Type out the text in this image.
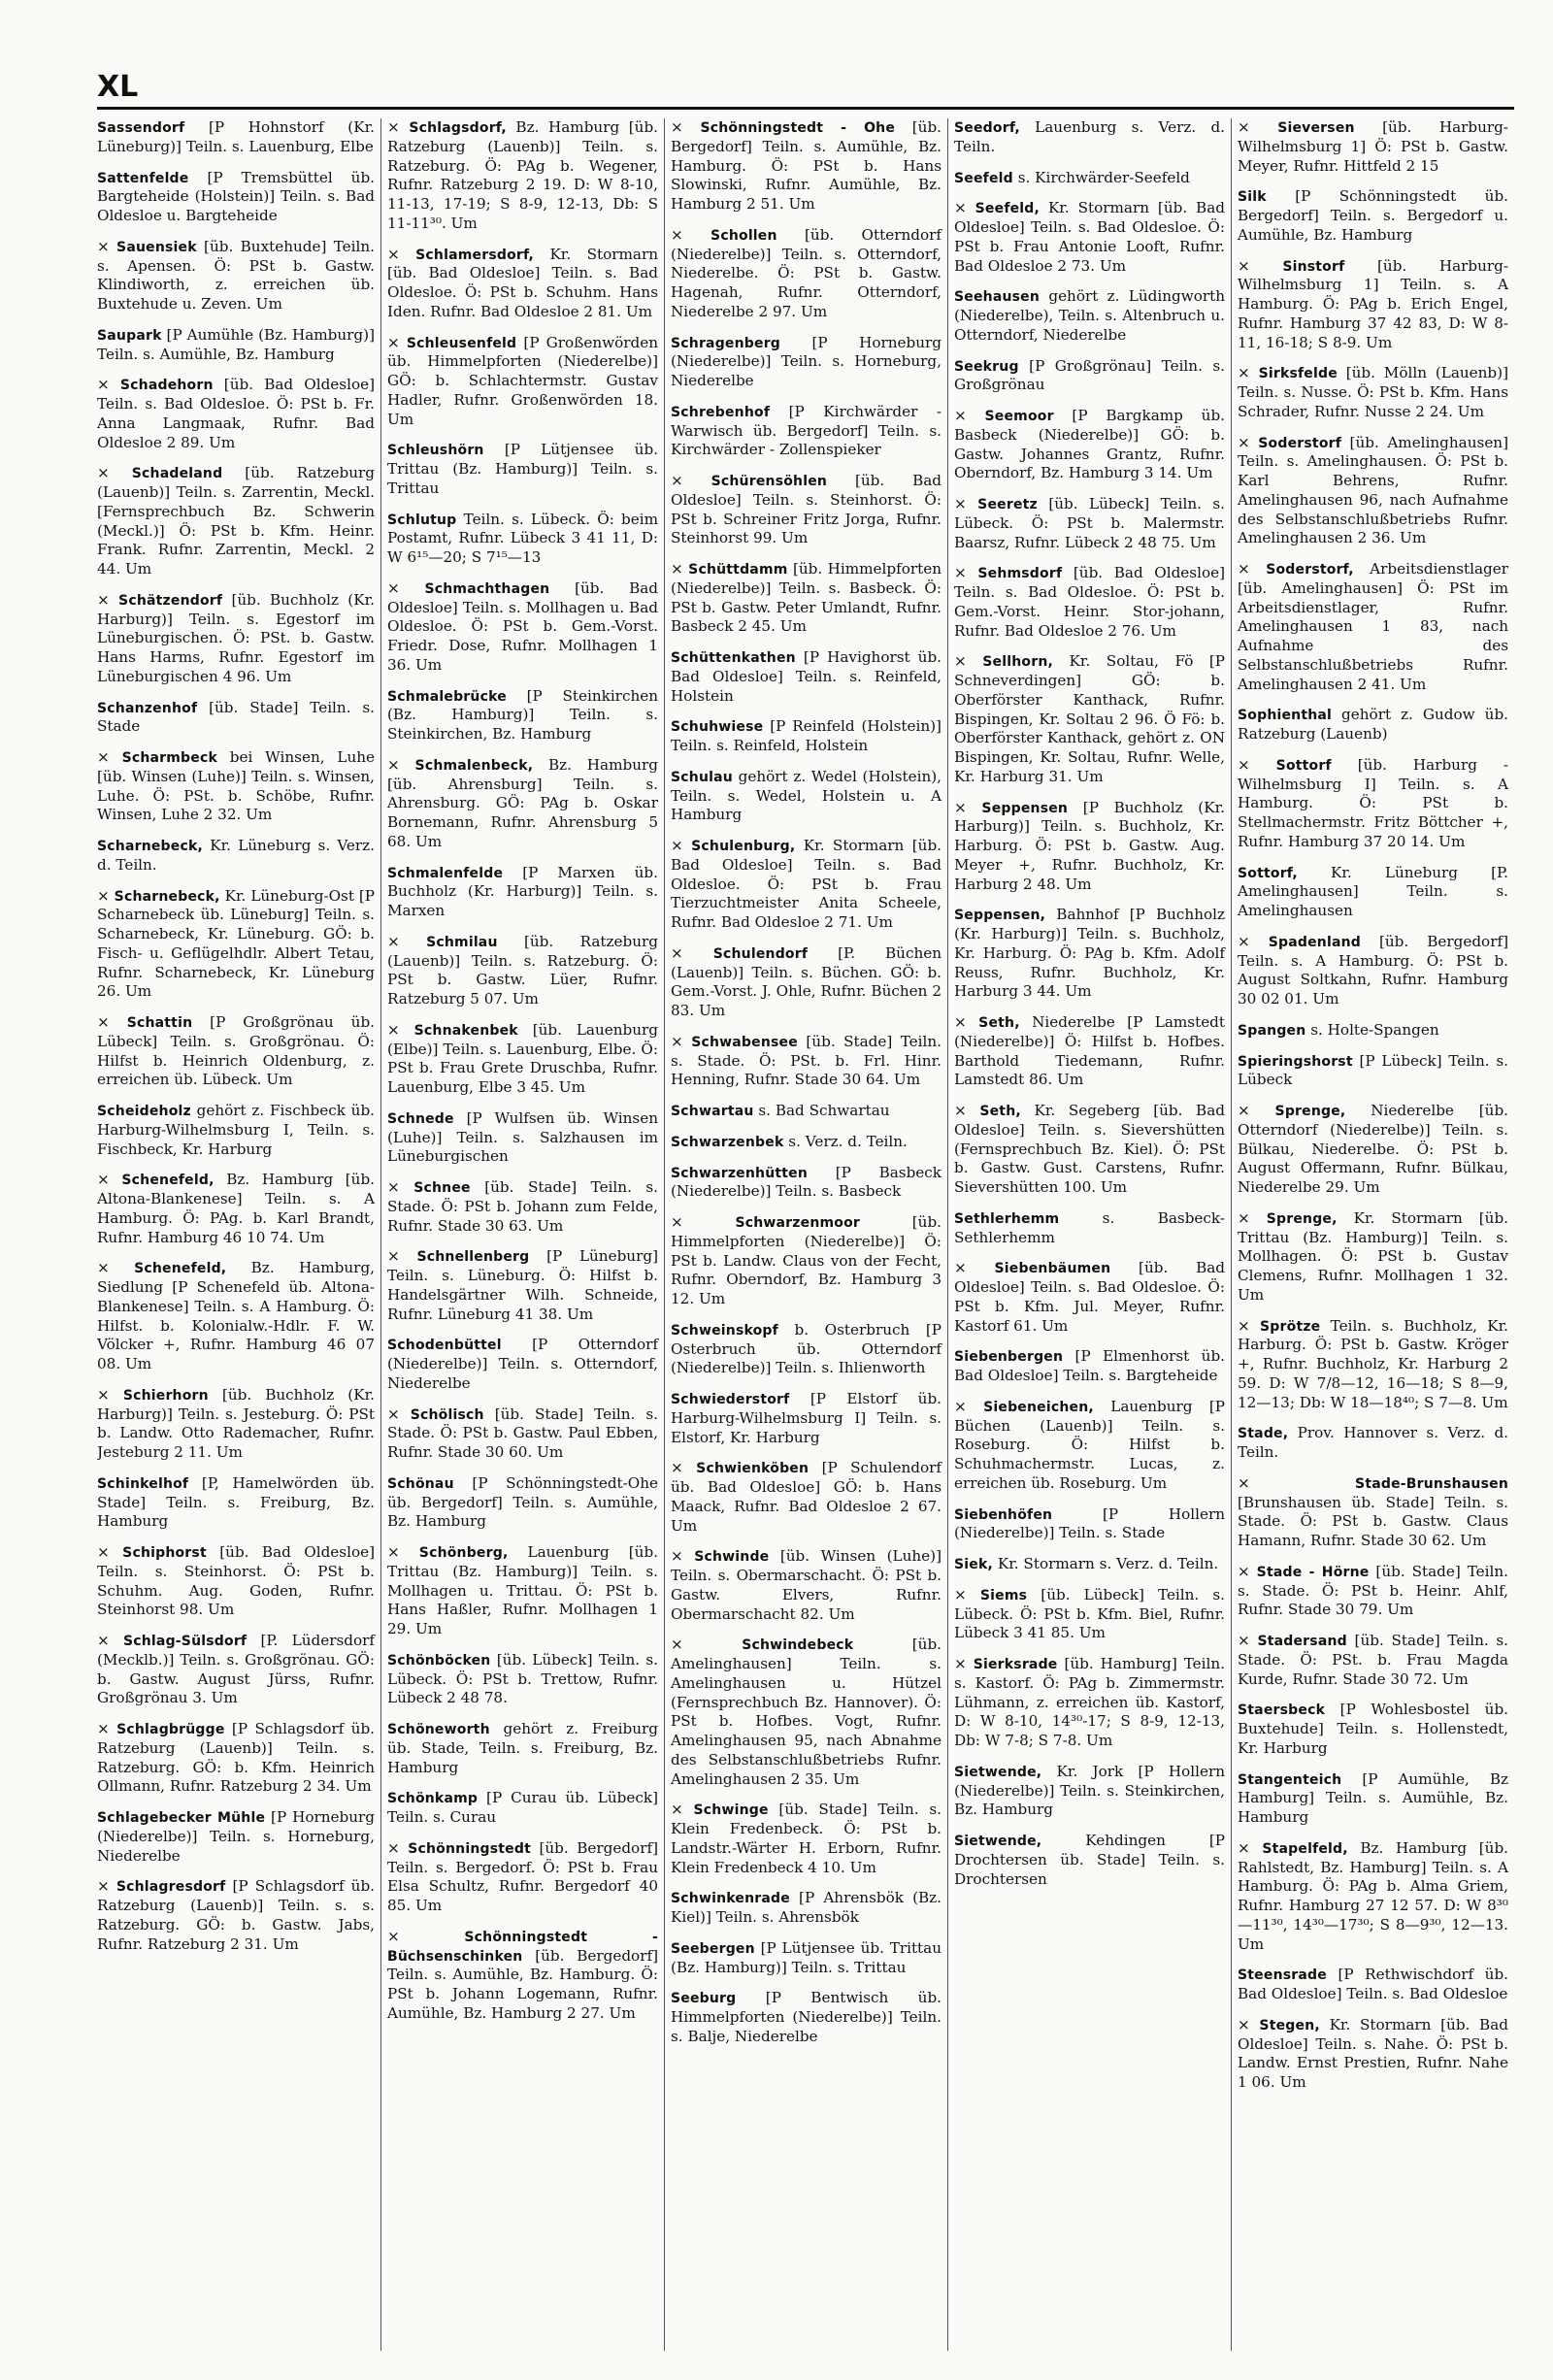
XL
Sassendorf [P Hohnstorf (Kr. Lüneburg)] Teiln. s. Lauenburg, Elbe
Sattenfelde [P Tremsbüttel üb. Bargteheide (Holstein)] Teiln. s. Bad Oldesloe u. Bargteheide
× Sauensiek [üb. Buxtehude] Teiln. s. Apensen. Ö: PSt b. Gastw. Klindiworth, z. erreichen üb. Buxtehude u. Zeven. Um
Saupark [P Aumühle (Bz. Hamburg)] Teiln. s. Aumühle, Bz. Hamburg
× Schadehorn [üb. Bad Oldesloe] Teiln. s. Bad Oldesloe. Ö: PSt b. Fr. Anna Langmaak, Rufnr. Bad Oldesloe 2 89. Um
× Schadeland [üb. Ratzeburg (Lauenb)] Teiln. s. Zarrentin, Meckl. [Fernsprechbuch Bz. Schwerin (Meckl.)] Ö: PSt b. Kfm. Heinr. Frank. Rufnr. Zarrentin, Meckl. 2 44. Um
× Schätzendorf [üb. Buchholz (Kr. Harburg)] Teiln. s. Egestorf im Lüneburgischen. Ö: PSt. b. Gastw. Hans Harms, Rufnr. Egestorf im Lüneburgischen 4 96. Um
Schanzenhof [üb. Stade] Teiln. s. Stade
× Scharmbeck bei Winsen, Luhe [üb. Winsen (Luhe)] Teiln. s. Winsen, Luhe. Ö: PSt. b. Schöbe, Rufnr. Winsen, Luhe 2 32. Um
Scharnebeck, Kr. Lüneburg s. Verz. d. Teiln.
× Scharnebeck, Kr. Lüneburg-Ost [P Scharnebeck üb. Lüneburg] Teiln. s. Scharnebeck, Kr. Lüneburg. GÖ: b. Fisch- u. Geflügelhdlr. Albert Tetau, Rufnr. Scharnebeck, Kr. Lüneburg 26. Um
× Schattin [P Großgrönau üb. Lübeck] Teiln. s. Großgrönau. Ö: Hilfst b. Heinrich Oldenburg, z. erreichen üb. Lübeck. Um
Scheideholz gehört z. Fischbeck üb. Harburg-Wilhelmsburg I, Teiln. s. Fischbeck, Kr. Harburg
× Schenefeld, Bz. Hamburg [üb. Altona-Blankenese] Teiln. s. A Hamburg. Ö: PAg. b. Karl Brandt, Rufnr. Hamburg 46 10 74. Um
× Schenefeld, Bz. Hamburg, Siedlung [P Schenefeld üb. Altona-Blankenese] Teiln. s. A Hamburg. Ö: Hilfst. b. Kolonialw.-Hdlr. F. W. Völcker +, Rufnr. Hamburg 46 07 08. Um
× Schierhorn [üb. Buchholz (Kr. Harburg)] Teiln. s. Jesteburg. Ö: PSt b. Landw. Otto Rademacher, Rufnr. Jesteburg 2 11. Um
Schinkelhof [P, Hamelwörden üb. Stade] Teiln. s. Freiburg, Bz. Hamburg
× Schiphorst [üb. Bad Oldesloe] Teiln. s. Steinhorst. Ö: PSt b. Schuhm. Aug. Goden, Rufnr. Steinhorst 98. Um
× Schlag-Sülsdorf [P. Lüdersdorf (Mecklb.)] Teiln. s. Großgrönau. GÖ: b. Gastw. August Jürss, Rufnr. Großgrönau 3. Um
× Schlagbrügge [P Schlagsdorf üb. Ratzeburg (Lauenb)] Teiln. s. Ratzeburg. GÖ: b. Kfm. Heinrich Ollmann, Rufnr. Ratzeburg 2 34. Um
Schlagebecker Mühle [P Horneburg (Niederelbe)] Teiln. s. Horneburg, Niederelbe
× Schlagresdorf [P Schlagsdorf üb. Ratzeburg (Lauenb)] Teiln. s. s. Ratzeburg. GÖ: b. Gastw. Jabs, Rufnr. Ratzeburg 2 31. Um
× Schlagsdorf, Bz. Hamburg [üb. Ratzeburg (Lauenb)] Teiln. s. Ratzeburg. Ö: PAg b. Wegener, Rufnr. Ratzeburg 2 19. D: W 8-10, 11-13, 17-19; S 8-9, 12-13, Db: S 11-11³⁰. Um
× Schlamersdorf, Kr. Stormarn [üb. Bad Oldesloe] Teiln. s. Bad Oldesloe. Ö: PSt b. Schuhm. Hans Iden. Rufnr. Bad Oldesloe 2 81. Um
× Schleusenfeld [P Großenwörden üb. Himmelpforten (Niederelbe)] GÖ: b. Schlachtermstr. Gustav Hadler, Rufnr. Großenwörden 18. Um
Schleushörn [P Lütjensee üb. Trittau (Bz. Hamburg)] Teiln. s. Trittau
Schlutup Teiln. s. Lübeck. Ö: beim Postamt, Rufnr. Lübeck 3 41 11, D: W 6¹⁵—20; S 7¹⁵—13
× Schmachthagen [üb. Bad Oldesloe] Teiln. s. Mollhagen u. Bad Oldesloe. Ö: PSt b. Gem.-Vorst. Friedr. Dose, Rufnr. Mollhagen 1 36. Um
Schmalebrücke [P Steinkirchen (Bz. Hamburg)] Teiln. s. Steinkirchen, Bz. Hamburg
× Schmalenbeck, Bz. Hamburg [üb. Ahrensburg] Teiln. s. Ahrensburg. GÖ: PAg b. Oskar Bornemann, Rufnr. Ahrensburg 5 68. Um
Schmalenfelde [P Marxen üb. Buchholz (Kr. Harburg)] Teiln. s. Marxen
× Schmilau [üb. Ratzeburg (Lauenb)] Teiln. s. Ratzeburg. Ö: PSt b. Gastw. Lüer, Rufnr. Ratzeburg 5 07. Um
× Schnakenbek [üb. Lauenburg (Elbe)] Teiln. s. Lauenburg, Elbe. Ö: PSt b. Frau Grete Druschba, Rufnr. Lauenburg, Elbe 3 45. Um
Schnede [P Wulfsen üb. Winsen (Luhe)] Teiln. s. Salzhausen im Lüneburgischen
× Schnee [üb. Stade] Teiln. s. Stade. Ö: PSt b. Johann zum Felde, Rufnr. Stade 30 63. Um
× Schnellenberg [P Lüneburg] Teiln. s. Lüneburg. Ö: Hilfst b. Handelsgärtner Wilh. Schneide, Rufnr. Lüneburg 41 38. Um
Schodenbüttel [P Otterndorf (Niederelbe)] Teiln. s. Otterndorf, Niederelbe
× Schölisch [üb. Stade] Teiln. s. Stade. Ö: PSt b. Gastw. Paul Ebben, Rufnr. Stade 30 60. Um
Schönau [P Schönningstedt-Ohe üb. Bergedorf] Teiln. s. Aumühle, Bz. Hamburg
× Schönberg, Lauenburg [üb. Trittau (Bz. Hamburg)] Teiln. s. Mollhagen u. Trittau. Ö: PSt b. Hans Haßler, Rufnr. Mollhagen 1 29. Um
Schönböcken [üb. Lübeck] Teiln. s. Lübeck. Ö: PSt b. Trettow, Rufnr. Lübeck 2 48 78.
Schöneworth gehört z. Freiburg üb. Stade, Teiln. s. Freiburg, Bz. Hamburg
Schönkamp [P Curau üb. Lübeck] Teiln. s. Curau
× Schönningstedt [üb. Bergedorf] Teiln. s. Bergedorf. Ö: PSt b. Frau Elsa Schultz, Rufnr. Bergedorf 40 85. Um
×	Schönningstedt - Büchsenschinken [üb. Bergedorf] Teiln. s. Aumühle, Bz. Hamburg. Ö: PSt b. Johann Logemann, Rufnr. Aumühle, Bz. Hamburg 2 27. Um
× Schönningstedt - Ohe [üb. Bergedorf] Teiln. s. Aumühle, Bz. Hamburg. Ö: PSt b. Hans Slowinski, Rufnr. Aumühle, Bz. Hamburg 2 51. Um
× Schollen [üb. Otterndorf (Niederelbe)] Teiln. s. Otterndorf, Niederelbe. Ö: PSt b. Gastw. Hagenah, Rufnr. Otterndorf, Niederelbe 2 97. Um
Schragenberg [P Horneburg (Niederelbe)] Teiln. s. Horneburg, Niederelbe
Schrebenhof [P Kirchwärder - Warwisch üb. Bergedorf] Teiln. s. Kirchwärder - Zollenspieker
× Schürensöhlen [üb. Bad Oldesloe] Teiln. s. Steinhorst. Ö: PSt b. Schreiner Fritz Jorga, Rufnr. Steinhorst 99. Um
× Schüttdamm [üb. Himmelpforten (Niederelbe)] Teiln. s. Basbeck. Ö: PSt b. Gastw. Peter Umlandt, Rufnr. Basbeck 2 45. Um
Schüttenkathen [P Havighorst üb. Bad Oldesloe] Teiln. s. Reinfeld, Holstein
Schuhwiese [P Reinfeld (Holstein)] Teiln. s. Reinfeld, Holstein
Schulau gehört z. Wedel (Holstein), Teiln. s. Wedel, Holstein u. A Hamburg
× Schulenburg, Kr. Stormarn [üb. Bad Oldesloe] Teiln. s. Bad Oldesloe. Ö: PSt b. Frau Tierzuchtmeister Anita Scheele, Rufnr. Bad Oldesloe 2 71. Um
× Schulendorf [P. Büchen (Lauenb)] Teiln. s. Büchen. GÖ: b. Gem.-Vorst. J. Ohle, Rufnr. Büchen 2 83. Um
× Schwabensee [üb. Stade] Teiln. s. Stade. Ö: PSt. b. Frl. Hinr. Henning, Rufnr. Stade 30 64. Um
Schwartau s. Bad Schwartau
Schwarzenbek s. Verz. d. Teiln.
Schwarzenhütten [P Basbeck (Niederelbe)] Teiln. s. Basbeck
×	Schwarzenmoor [üb. Himmelpforten (Niederelbe)] Ö: PSt b. Landw. Claus von der Fecht, Rufnr. Oberndorf, Bz. Hamburg 3 12. Um
Schweinskopf b. Osterbruch [P Osterbruch üb. Otterndorf (Niederelbe)] Teiln. s. Ihlienworth
Schwiederstorf [P Elstorf üb. Harburg-Wilhelmsburg I] Teiln. s. Elstorf, Kr. Harburg
× Schwienköben [P Schulendorf üb. Bad Oldesloe] GÖ: b. Hans Maack, Rufnr. Bad Oldesloe 2 67. Um
× Schwinde [üb. Winsen (Luhe)] Teiln. s. Obermarschacht. Ö: PSt b. Gastw. Elvers, Rufnr. Obermarschacht 82. Um
×	Schwindebeck [üb. Amelinghausen] Teiln. s. Amelinghausen u. Hützel (Fernsprechbuch Bz. Hannover). Ö: PSt b. Hofbes. Vogt, Rufnr. Amelinghausen 95, nach Abnahme des Selbstanschlußbetriebs Rufnr. Amelinghausen 2 35. Um
× Schwinge [üb. Stade] Teiln. s. Klein Fredenbeck. Ö: PSt b. Landstr.-Wärter H. Erborn, Rufnr. Klein Fredenbeck 4 10. Um
Schwinkenrade [P Ahrensbök (Bz. Kiel)] Teiln. s. Ahrensbök
Seebergen [P Lütjensee üb. Trittau (Bz. Hamburg)] Teiln. s. Trittau
Seeburg [P Bentwisch üb. Himmelpforten (Niederelbe)] Teiln. s. Balje, Niederelbe
Seedorf, Lauenburg s. Verz. d. Teiln.
Seefeld s. Kirchwärder-Seefeld
× Seefeld, Kr. Stormarn [üb. Bad Oldesloe] Teiln. s. Bad Oldesloe. Ö: PSt b. Frau Antonie Looft, Rufnr. Bad Oldesloe 2 73. Um
Seehausen gehört z. Lüdingworth (Niederelbe), Teiln. s. Altenbruch u. Otterndorf, Niederelbe
Seekrug [P Großgrönau] Teiln. s. Großgrönau
× Seemoor [P Bargkamp üb. Basbeck (Niederelbe)] GÖ: b. Gastw. Johannes Grantz, Rufnr. Oberndorf, Bz. Hamburg 3 14. Um
× Seeretz [üb. Lübeck] Teiln. s. Lübeck. Ö: PSt b. Malermstr. Baarsz, Rufnr. Lübeck 2 48 75. Um
× Sehmsdorf [üb. Bad Oldesloe] Teiln. s. Bad Oldesloe. Ö: PSt b. Gem.-Vorst. Heinr. Stor-johann, Rufnr. Bad Oldesloe 2 76. Um
× Sellhorn, Kr. Soltau, Fö [P Schneverdingen] GÖ: b. Oberförster Kanthack, Rufnr. Bispingen, Kr. Soltau 2 96. Ö Fö: b. Oberförster Kanthack, gehört z. ON Bispingen, Kr. Soltau, Rufnr. Welle, Kr. Harburg 31. Um
× Seppensen [P Buchholz (Kr. Harburg)] Teiln. s. Buchholz, Kr. Harburg. Ö: PSt b. Gastw. Aug. Meyer +, Rufnr. Buchholz, Kr. Harburg 2 48. Um
Seppensen, Bahnhof [P Buchholz (Kr. Harburg)] Teiln. s. Buchholz, Kr. Harburg. Ö: PAg b. Kfm. Adolf Reuss, Rufnr. Buchholz, Kr. Harburg 3 44. Um
× Seth, Niederelbe [P Lamstedt (Niederelbe)] Ö: Hilfst b. Hofbes. Barthold Tiedemann, Rufnr. Lamstedt 86. Um
× Seth, Kr. Segeberg [üb. Bad Oldesloe] Teiln. s. Sievershütten (Fernsprechbuch Bz. Kiel). Ö: PSt b. Gastw. Gust. Carstens, Rufnr. Sievershütten 100. Um
Sethlerhemm s. Basbeck-Sethlerhemm
× Siebenbäumen [üb. Bad Oldesloe] Teiln. s. Bad Oldesloe. Ö: PSt b. Kfm. Jul. Meyer, Rufnr. Kastorf 61. Um
Siebenbergen [P Elmenhorst üb. Bad Oldesloe] Teiln. s. Bargteheide
× Siebeneichen, Lauenburg [P Büchen (Lauenb)] Teiln. s. Roseburg. Ö: Hilfst b. Schuhmachermstr. Lucas, z. erreichen üb. Roseburg. Um
Siebenhöfen [P Hollern (Niederelbe)] Teiln. s. Stade
Siek, Kr. Stormarn s. Verz. d. Teiln.
× Siems [üb. Lübeck] Teiln. s. Lübeck. Ö: PSt b. Kfm. Biel, Rufnr. Lübeck 3 41 85. Um
× Sierksrade [üb. Hamburg] Teiln. s. Kastorf. Ö: PAg b. Zimmermstr. Lühmann, z. erreichen üb. Kastorf, D: W 8-10, 14³⁰-17; S 8-9, 12-13, Db: W 7-8; S 7-8. Um
Sietwende, Kr. Jork [P Hollern (Niederelbe)] Teiln. s. Steinkirchen, Bz. Hamburg
Sietwende, Kehdingen [P Drochtersen üb. Stade] Teiln. s. Drochtersen
× Sieversen [üb. Harburg-Wilhelmsburg 1] Ö: PSt b. Gastw. Meyer, Rufnr. Hittfeld 2 15
Silk [P Schönningstedt üb. Bergedorf] Teiln. s. Bergedorf u. Aumühle, Bz. Hamburg
× Sinstorf [üb. Harburg-Wilhelmsburg 1] Teiln. s. A Hamburg. Ö: PAg b. Erich Engel, Rufnr. Hamburg 37 42 83, D: W 8-11, 16-18; S 8-9. Um
× Sirksfelde [üb. Mölln (Lauenb)] Teiln. s. Nusse. Ö: PSt b. Kfm. Hans Schrader, Rufnr. Nusse 2 24. Um
× Soderstorf [üb. Amelinghausen] Teiln. s. Amelinghausen. Ö: PSt b. Karl Behrens, Rufnr. Amelinghausen 96, nach Aufnahme des Selbstanschlußbetriebs Rufnr. Amelinghausen 2 36. Um
× Soderstorf, Arbeitsdienstlager [üb. Amelinghausen] Ö: PSt im Arbeitsdienstlager, Rufnr. Amelinghausen 1 83, nach Aufnahme des Selbstanschlußbetriebs Rufnr. Amelinghausen 2 41. Um
Sophienthal gehört z. Gudow üb. Ratzeburg (Lauenb)
× Sottorf [üb. Harburg - Wilhelmsburg I] Teiln. s. A Hamburg. Ö: PSt b. Stellmachermstr. Fritz Böttcher +, Rufnr. Hamburg 37 20 14. Um
Sottorf, Kr. Lüneburg [P. Amelinghausen] Teiln. s. Amelinghausen
× Spadenland [üb. Bergedorf] Teiln. s. A Hamburg. Ö: PSt b. August Soltkahn, Rufnr. Hamburg 30 02 01. Um
Spangen s. Holte-Spangen
Spieringshorst [P Lübeck] Teiln. s. Lübeck
× Sprenge, Niederelbe [üb. Otterndorf (Niederelbe)] Teiln. s. Bülkau, Niederelbe. Ö: PSt b. August Offermann, Rufnr. Bülkau, Niederelbe 29. Um
× Sprenge, Kr. Stormarn [üb. Trittau (Bz. Hamburg)] Teiln. s. Mollhagen. Ö: PSt b. Gustav Clemens, Rufnr. Mollhagen 1 32. Um
× Sprötze Teiln. s. Buchholz, Kr. Harburg. Ö: PSt b. Gastw. Kröger +, Rufnr. Buchholz, Kr. Harburg 2 59. D: W 7/8—12, 16—18; S 8—9, 12—13; Db: W 18—18⁴⁰; S 7—8. Um
Stade, Prov. Hannover s. Verz. d. Teiln.
×	Stade-Brunshausen [Brunshausen üb. Stade] Teiln. s. Stade. Ö: PSt b. Gastw. Claus Hamann, Rufnr. Stade 30 62. Um
× Stade - Hörne [üb. Stade] Teiln. s. Stade. Ö: PSt b. Heinr. Ahlf, Rufnr. Stade 30 79. Um
× Stadersand [üb. Stade] Teiln. s. Stade. Ö: PSt. b. Frau Magda Kurde, Rufnr. Stade 30 72. Um
Staersbeck [P Wohlesbostel üb. Buxtehude] Teiln. s. Hollenstedt, Kr. Harburg
Stangenteich [P Aumühle, Bz Hamburg] Teiln. s. Aumühle, Bz. Hamburg
× Stapelfeld, Bz. Hamburg [üb. Rahlstedt, Bz. Hamburg] Teiln. s. A Hamburg. Ö: PAg b. Alma Griem, Rufnr. Hamburg 27 12 57. D: W 8³⁰—11³⁰, 14³⁰—17³⁰; S 8—9³⁰, 12—13. Um
Steensrade [P Rethwischdorf üb. Bad Oldesloe] Teiln. s. Bad Oldesloe
× Stegen, Kr. Stormarn [üb. Bad Oldesloe] Teiln. s. Nahe. Ö: PSt b. Landw. Ernst Prestien, Rufnr. Nahe 1 06. Um
